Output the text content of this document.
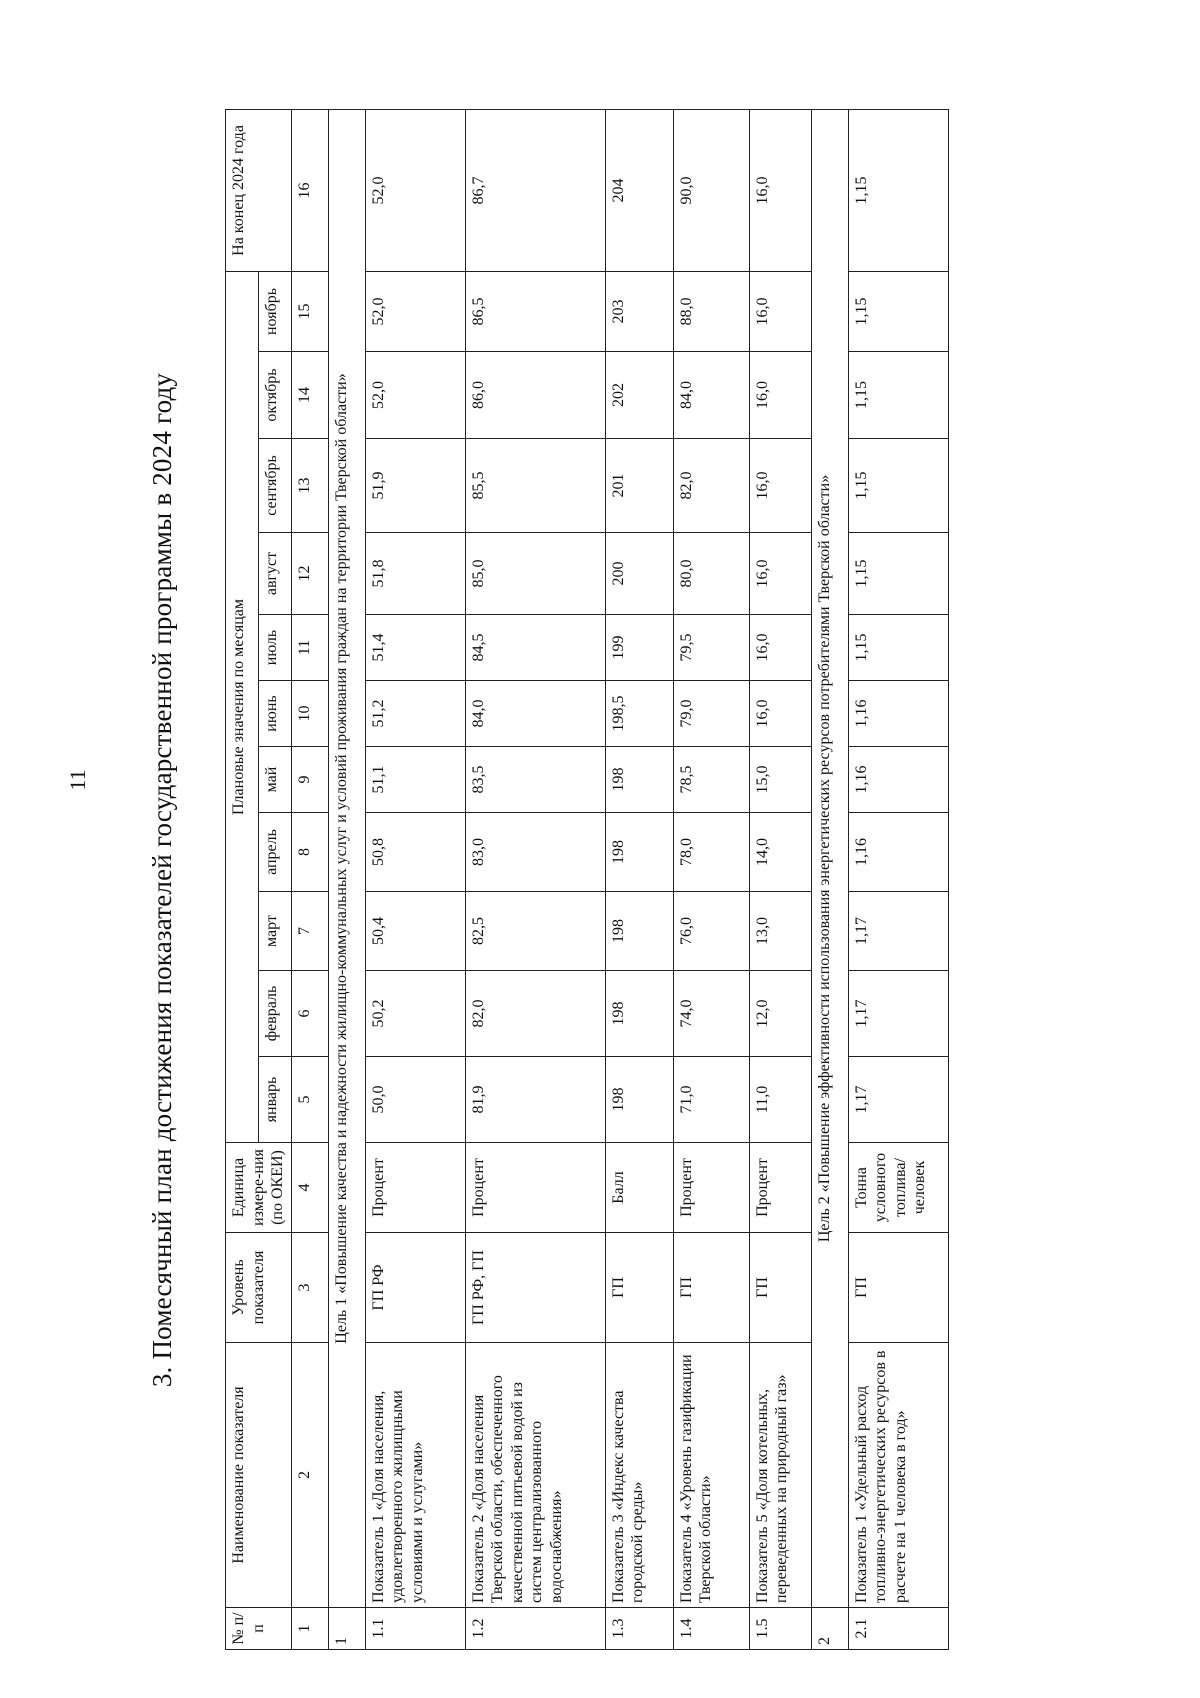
11 3. Помесячный план достижения показателей государственной программы в 2024 году
№ п/п	Наименование показателя	Уровень показателя	Единица измере-ния (по ОКЕИ)	Плановые значения по месяцам											На конец 2024 года
				январь	февраль	март	апрель	май	июнь	июль	август	сентябрь	октябрь	ноябрь	
1	2	3	4	5	6	7	8	9	10	11	12	13	14	15	16
1	Цель 1 «Повышение качества и надежности жилищно-коммунальных услуг и условий проживания граждан на территории Тверской области»														
1.1	Показатель 1 «Доля населения, удовлетворенного жилищными условиями и услугами»	ГП РФ	Процент	50,0	50,2	50,4	50,8	51,1	51,2	51,4	51,8	51,9	52,0	52,0	52,0
1.2	Показатель 2 «Доля населения Тверской области, обеспеченного качественной питьевой водой из систем централизованного водоснабжения»	ГП РФ, ГП	Процент	81,9	82,0	82,5	83,0	83,5	84,0	84,5	85,0	85,5	86,0	86,5	86,7
1.3	Показатель 3 «Индекс качества городской среды»	ГП	Балл	198	198	198	198	198	198,5	199	200	201	202	203	204
1.4	Показатель 4 «Уровень газификации Тверской области»	ГП	Процент	71,0	74,0	76,0	78,0	78,5	79,0	79,5	80,0	82,0	84,0	88,0	90,0
1.5	Показатель 5 «Доля котельных, переведенных на природный газ»	ГП	Процент	11,0	12,0	13,0	14,0	15,0	16,0	16,0	16,0	16,0	16,0	16,0	16,0
2	Цель 2 «Повышение эффективности использования энергетических ресурсов потребителями Тверской области»														
2.1	Показатель 1 «Удельный расход топливно-энергетических ресурсов в расчете на 1 человека в год»	ГП	Тонна условного топлива/ человек	1,17	1,17	1,17	1,16	1,16	1,16	1,15	1,15	1,15	1,15	1,15	1,15
